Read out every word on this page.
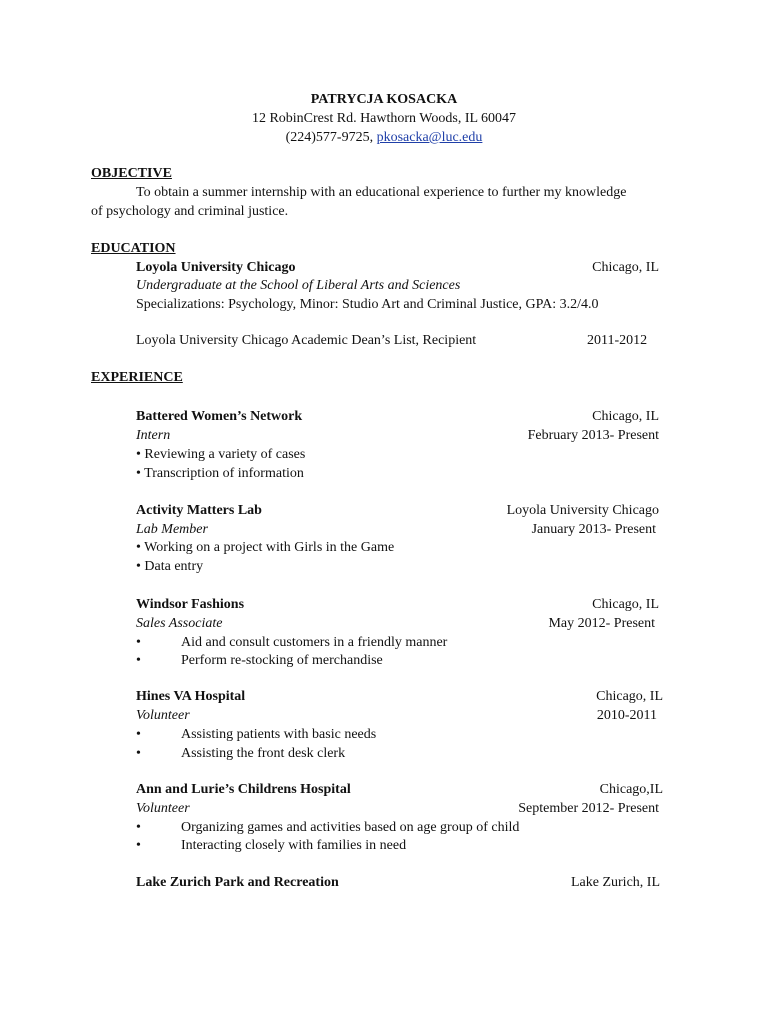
PATRYCJA KOSACKA
12 RobinCrest Rd. Hawthorn Woods, IL 60047
(224)577-9725, pkosacka@luc.edu
OBJECTIVE
To obtain a summer internship with an educational experience to further my knowledge
of psychology and criminal justice.
EDUCATION
Loyola University Chicago	Chicago, IL
Undergraduate at the School of Liberal Arts and Sciences
Specializations: Psychology, Minor: Studio Art and Criminal Justice, GPA: 3.2/4.0
Loyola University Chicago Academic Dean’s List, Recipient	2011-2012
EXPERIENCE
Battered Women’s Network	Chicago, IL
Intern	February 2013- Present
• Reviewing a variety of cases
• Transcription of information
Activity Matters Lab	Loyola University Chicago
Lab Member	January 2013- Present
• Working on a project with Girls in the Game
• Data entry
Windsor Fashions	Chicago, IL
Sales Associate	May 2012- Present
•	Aid and consult customers in a friendly manner
•	Perform re-stocking of merchandise
Hines VA Hospital	Chicago, IL
Volunteer	2010-2011
•	Assisting patients with basic needs
•	Assisting the front desk clerk
Ann and Lurie’s Childrens Hospital	Chicago,IL
Volunteer	September 2012- Present
•	Organizing games and activities based on age group of child
•	Interacting closely with families in need
Lake Zurich Park and Recreation	Lake Zurich, IL
